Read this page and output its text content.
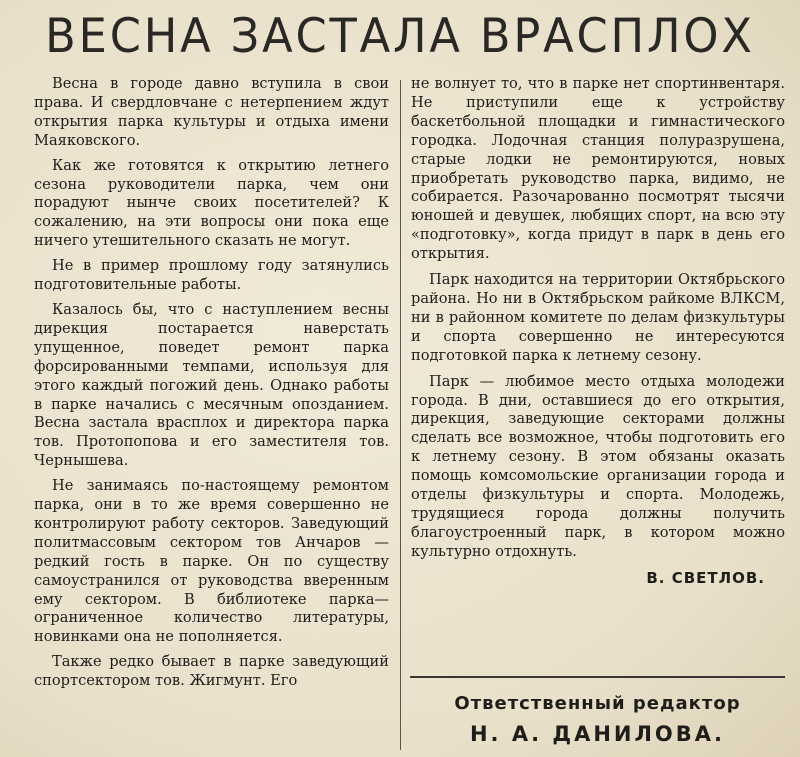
ВЕСНА ЗАСТАЛА ВРАСПЛОХ

Весна в городе давно вступила в свои права. И свердловчане с нетерпением ждут открытия парка культуры и отдыха имени Маяковского.

Как же готовятся к открытию летнего сезона руководители парка, чем они порадуют нынче своих посетителей? К сожалению, на эти вопросы они пока еще ничего утешительного сказать не могут.

Не в пример прошлому году затянулись подготовительные работы.

Казалось бы, что с наступлением весны дирекция постарается наверстать упущенное, поведет ремонт парка форсированными темпами, используя для этого каждый погожий день. Однако работы в парке начались с месячным опозданием. Весна застала врасплох и директора парка тов. Протопопова и его заместителя тов. Чернышева.

Не занимаясь по-настоящему ремонтом парка, они в то же время совершенно не контролируют работу секторов. Заведующий политмассовым сектором тов Анчаров — редкий гость в парке. Он по существу самоустранился от руководства вверенным ему сектором. В библиотеке парка—ограниченное количество литературы, новинками она не пополняется.

Также редко бывает в парке заведующий спортсектором тов. Жигмунт. Его

не волнует то, что в парке нет спортинвентаря. Не приступили еще к устройству баскетбольной площадки и гимнастического городка. Лодочная станция полуразрушена, старые лодки не ремонтируются, новых приобретать руководство парка, видимо, не собирается. Разочарованно посмотрят тысячи юношей и девушек, любящих спорт, на всю эту «подготовку», когда придут в парк в день его открытия.

Парк находится на территории Октябрьского района. Но ни в Октябрьском райкоме ВЛКСМ, ни в районном комитете по делам физкультуры и спорта совершенно не интересуются подготовкой парка к летнему сезону.

Парк — любимое место отдыха молодежи города. В дни, оставшиеся до его открытия, дирекция, заведующие секторами должны сделать все возможное, чтобы подготовить его к летнему сезону. В этом обязаны оказать помощь комсомольские организации города и отделы физкультуры и спорта. Молодежь, трудящиеся города должны получить благоустроенный парк, в котором можно культурно отдохнуть.

В. СВЕТЛОВ.
Ответственный редактор
Н. А. ДАНИЛОВА.
